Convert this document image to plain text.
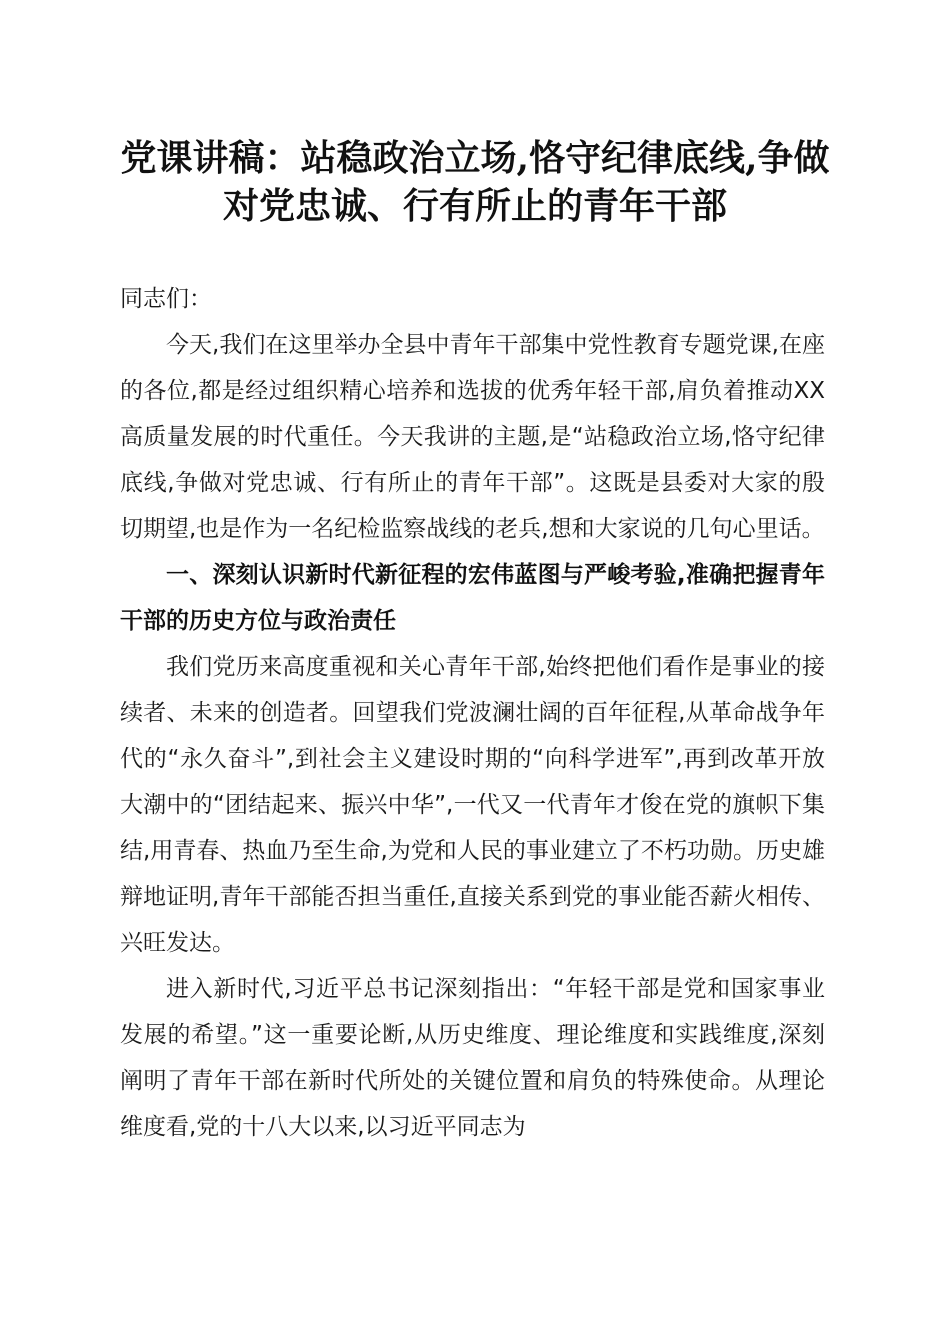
党课讲稿：站稳政治立场,恪守纪律底线,争做
对党忠诚、行有所止的青年干部

同志们：

今天,我们在这里举办全县中青年干部集中党性教育专题党课,在座的各位,都是经过组织精心培养和选拔的优秀年轻干部,肩负着推动XX高质量发展的时代重任。今天我讲的主题,是“站稳政治立场,恪守纪律底线,争做对党忠诚、行有所止的青年干部”。这既是县委对大家的殷切期望,也是作为一名纪检监察战线的老兵,想和大家说的几句心里话。

一、深刻认识新时代新征程的宏伟蓝图与严峻考验,准确把握青年干部的历史方位与政治责任

我们党历来高度重视和关心青年干部,始终把他们看作是事业的接续者、未来的创造者。回望我们党波澜壮阔的百年征程,从革命战争年代的“永久奋斗”,到社会主义建设时期的“向科学进军”,再到改革开放大潮中的“团结起来、振兴中华”,一代又一代青年才俊在党的旗帜下集结,用青春、热血乃至生命,为党和人民的事业建立了不朽功勋。历史雄辩地证明,青年干部能否担当重任,直接关系到党的事业能否薪火相传、兴旺发达。

进入新时代,习近平总书记深刻指出：“年轻干部是党和国家事业发展的希望。”这一重要论断,从历史维度、理论维度和实践维度,深刻阐明了青年干部在新时代所处的关键位置和肩负的特殊使命。从理论维度看,党的十八大以来,以习近平同志为
